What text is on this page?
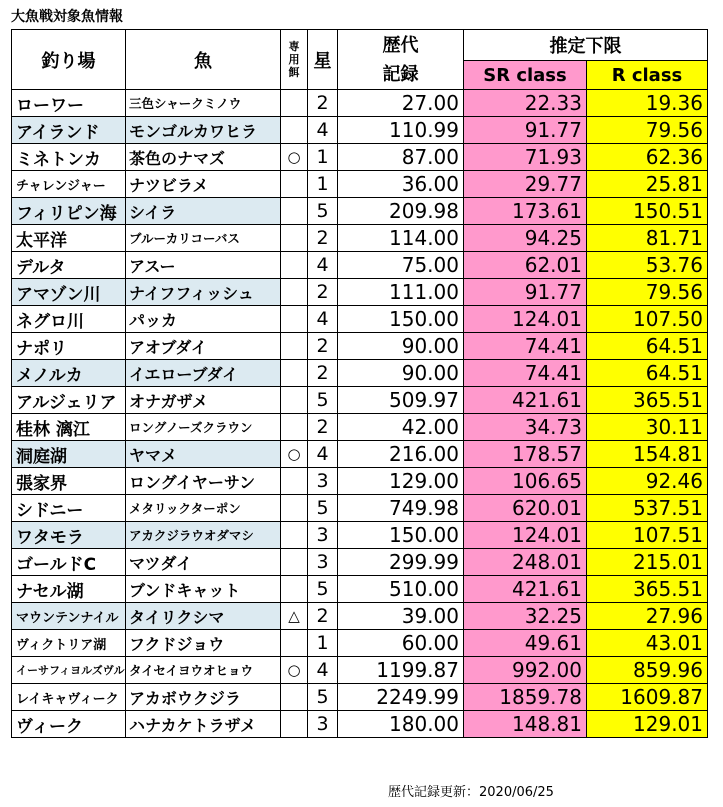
大魚戦対象魚情報
釣り場	魚	専用餌	星	歴代
記録	推定下限	
					SR class	R class
ローワー	三色シャークミノウ		2	27.00	22.33	19.36
アイランド	モンゴルカワヒラ		4	110.99	91.77	79.56
ミネトンカ	茶色のナマズ	○	1	87.00	71.93	62.36
チャレンジャー	ナツビラメ		1	36.00	29.77	25.81
フィリピン海	シイラ		5	209.98	173.61	150.51
太平洋	ブルーカリコーバス		2	114.00	94.25	81.71
デルタ	アスー		4	75.00	62.01	53.76
アマゾン川	ナイフフィッシュ		2	111.00	91.77	79.56
ネグロ川	パッカ		4	150.00	124.01	107.50
ナポリ	アオブダイ		2	90.00	74.41	64.51
メノルカ	イエローブダイ		2	90.00	74.41	64.51
アルジェリア	オナガザメ		5	509.97	421.61	365.51
桂林 漓江	ロングノーズクラウン		2	42.00	34.73	30.11
洞庭湖	ヤマメ	○	4	216.00	178.57	154.81
張家界	ロングイヤーサン		3	129.00	106.65	92.46
シドニー	メタリックターポン		5	749.98	620.01	537.51
ワタモラ	アカクジラウオダマシ		3	150.00	124.01	107.51
ゴールドC	マツダイ		3	299.99	248.01	215.01
ナセル湖	ブンドキャット		5	510.00	421.61	365.51
マウンテンナイル	タイリクシマ	△	2	39.00	32.25	27.96
ヴィクトリア湖	フクドジョウ		1	60.00	49.61	43.01
イーサフィヨルズヴル	タイセイヨウオヒョウ	○	4	1199.87	992.00	859.96
レイキャヴィーク	アカボウクジラ		5	2249.99	1859.78	1609.87
ヴィーク	ハナカケトラザメ		3	180.00	148.81	129.01
歴代記録更新：2020/06/25
